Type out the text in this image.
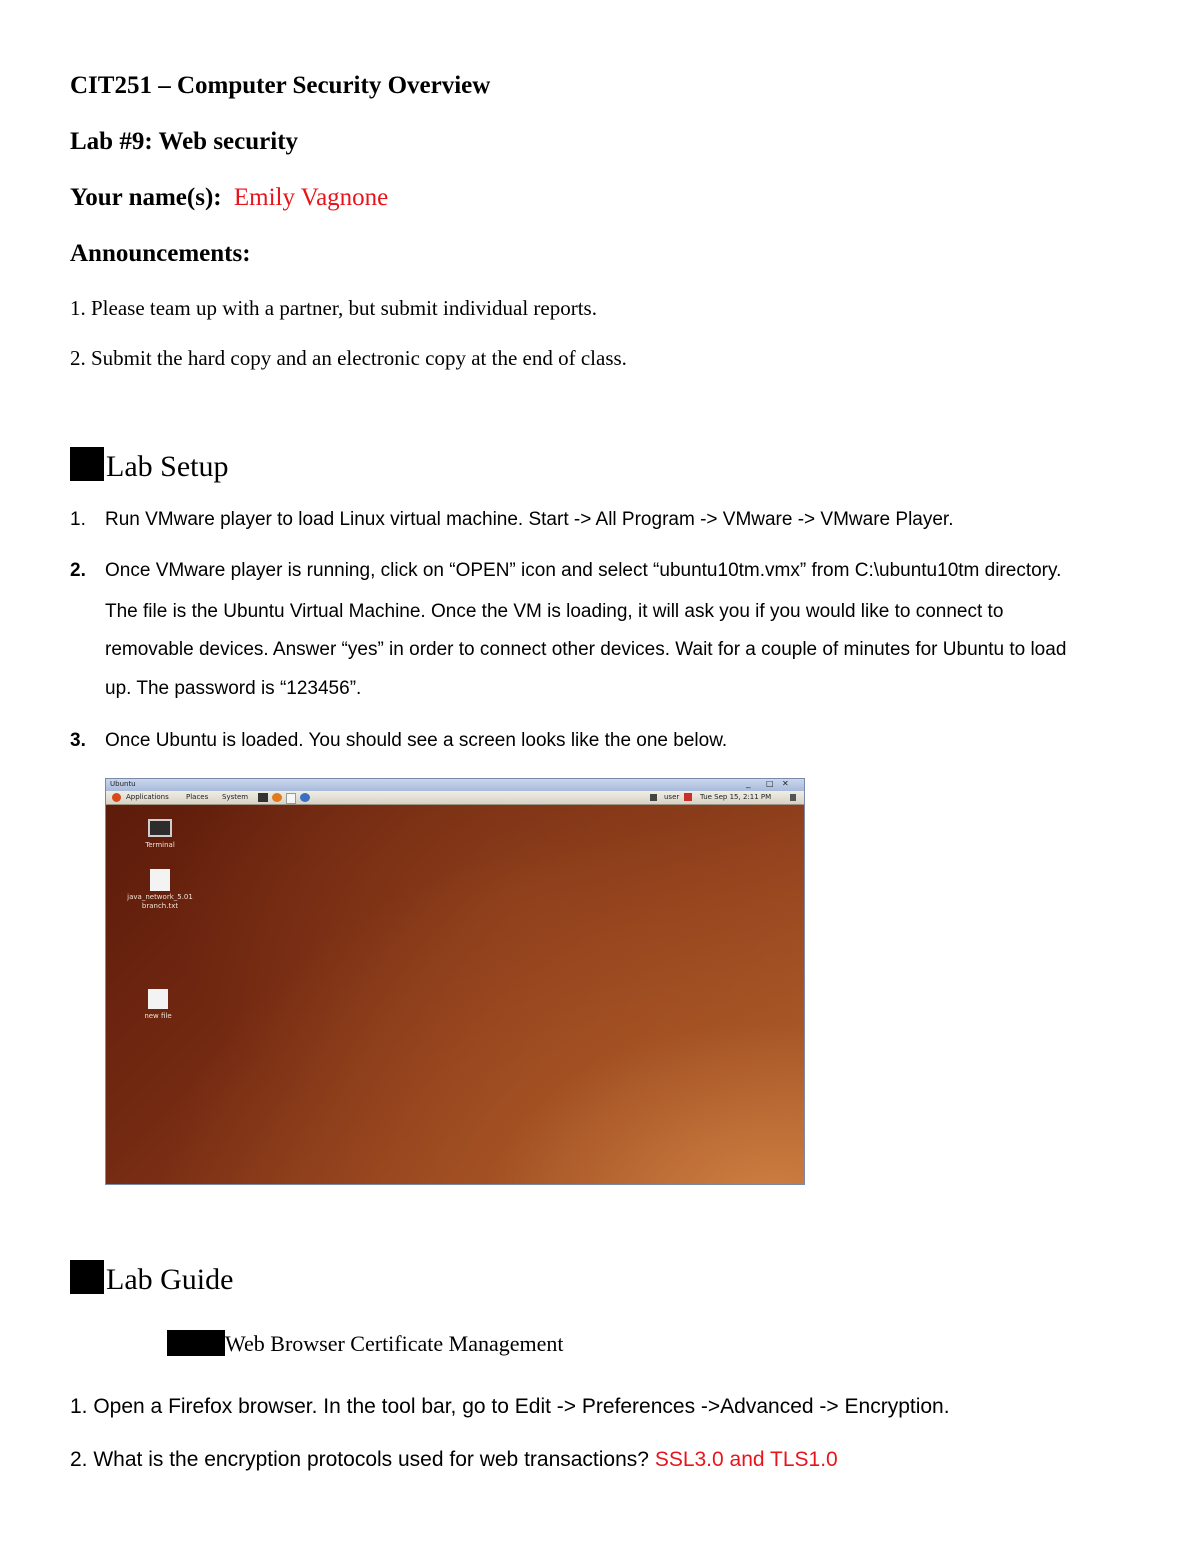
CIT251 – Computer Security Overview
Lab #9: Web security
Your name(s): Emily Vagnone
Announcements:
1. Please team up with a partner, but submit individual reports.
2. Submit the hard copy and an electronic copy at the end of class.
Lab Setup
1. Run VMware player to load Linux virtual machine. Start -> All Program -> VMware -> VMware Player.
2. Once VMware player is running, click on “OPEN” icon and select “ubuntu10tm.vmx” from C:\ubuntu10tm directory.
The file is the Ubuntu Virtual Machine. Once the VM is loading, it will ask you if you would like to connect to
removable devices. Answer “yes” in order to connect other devices. Wait for a couple of minutes for Ubuntu to load
up. The password is “123456”.
3. Once Ubuntu is loaded. You should see a screen looks like the one below.
Ubuntu	_ □ ✕
Applications Places System	user	Tue Sep 15, 2:11 PM
Terminal
java_network_5.01 branch.txt
new file
Lab Guide
Web Browser Certificate Management
1. Open a Firefox browser. In the tool bar, go to Edit -> Preferences ->Advanced -> Encryption.
2. What is the encryption protocols used for web transactions? SSL3.0 and TLS1.0
